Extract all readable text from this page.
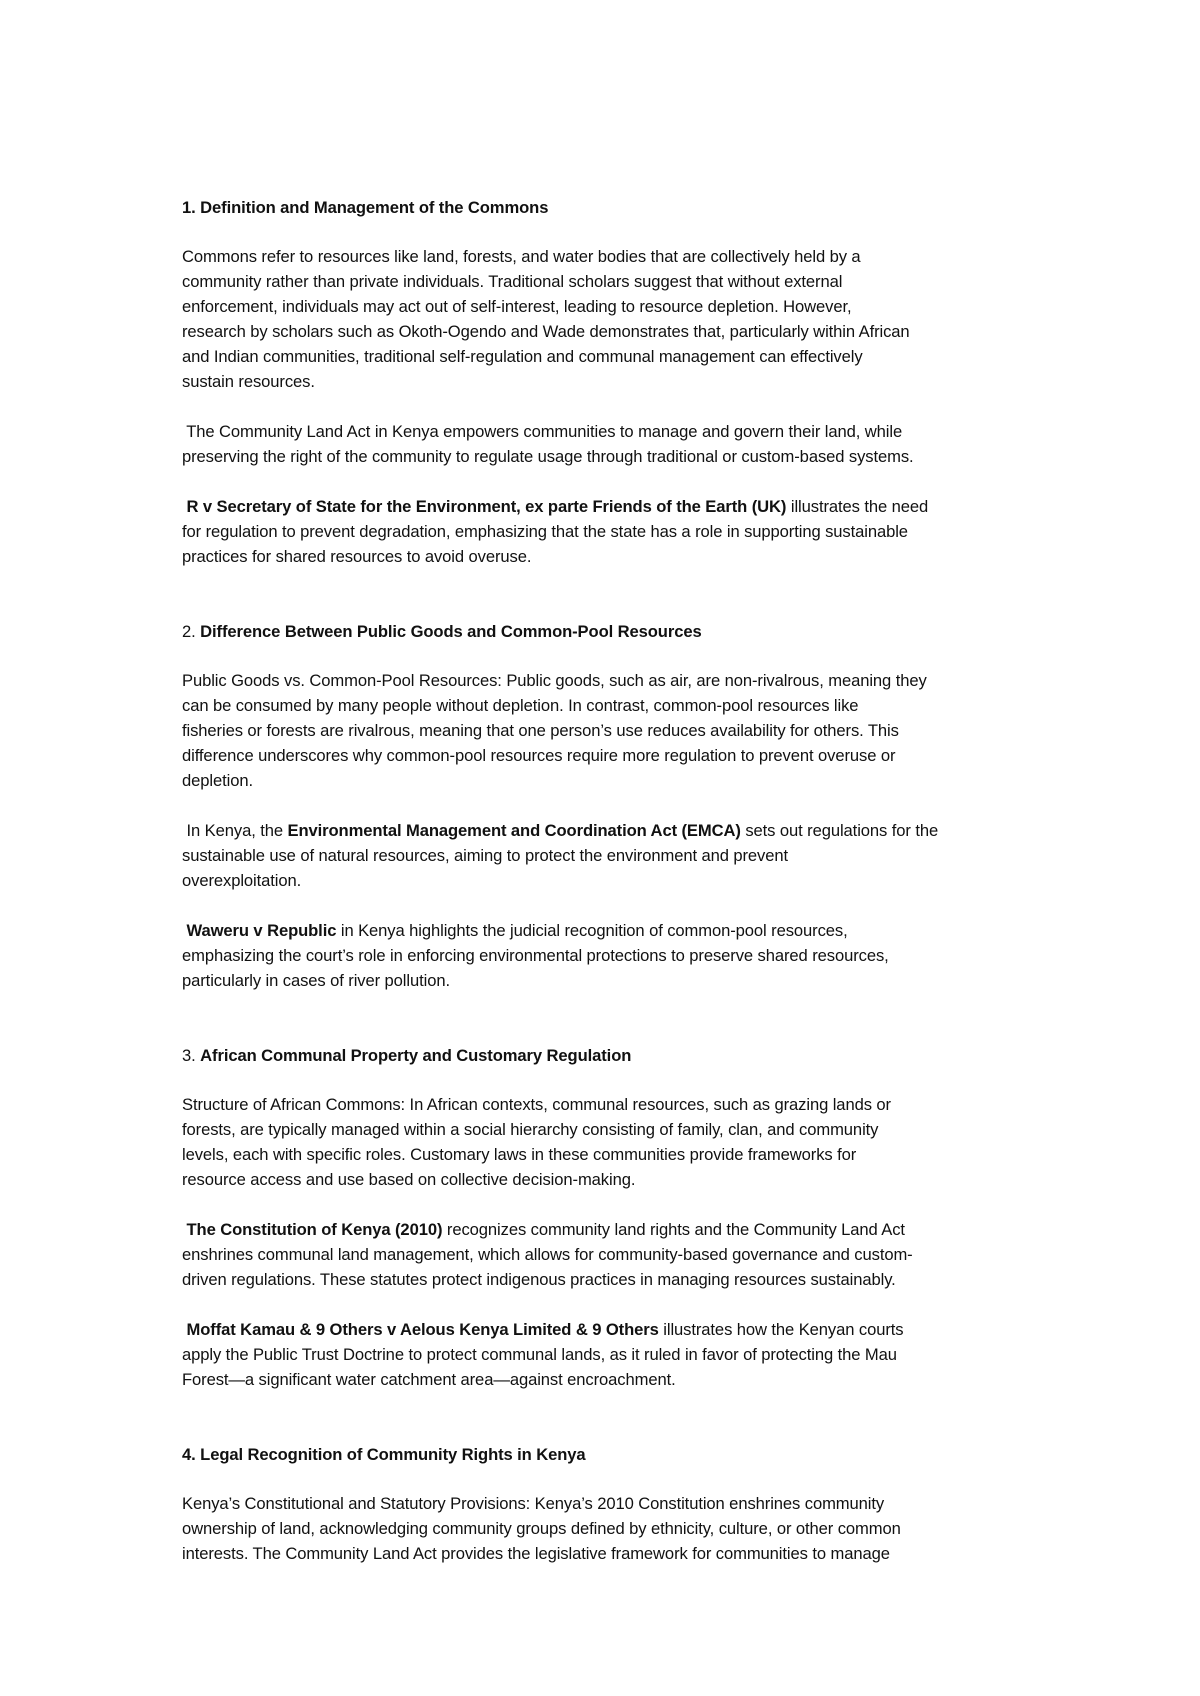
1. Definition and Management of the Commons
Commons refer to resources like land, forests, and water bodies that are collectively held by a
community rather than private individuals. Traditional scholars suggest that without external
enforcement, individuals may act out of self-interest, leading to resource depletion. However,
research by scholars such as Okoth-Ogendo and Wade demonstrates that, particularly within African
and Indian communities, traditional self-regulation and communal management can effectively
sustain resources.
The Community Land Act in Kenya empowers communities to manage and govern their land, while
preserving the right of the community to regulate usage through traditional or custom-based systems.
R v Secretary of State for the Environment, ex parte Friends of the Earth (UK) illustrates the need
for regulation to prevent degradation, emphasizing that the state has a role in supporting sustainable
practices for shared resources to avoid overuse.
2. Difference Between Public Goods and Common-Pool Resources
Public Goods vs. Common-Pool Resources: Public goods, such as air, are non-rivalrous, meaning they
can be consumed by many people without depletion. In contrast, common-pool resources like
fisheries or forests are rivalrous, meaning that one person’s use reduces availability for others. This
difference underscores why common-pool resources require more regulation to prevent overuse or
depletion.
In Kenya, the Environmental Management and Coordination Act (EMCA) sets out regulations for the
sustainable use of natural resources, aiming to protect the environment and prevent
overexploitation.
Waweru v Republic in Kenya highlights the judicial recognition of common-pool resources,
emphasizing the court’s role in enforcing environmental protections to preserve shared resources,
particularly in cases of river pollution.
3. African Communal Property and Customary Regulation
Structure of African Commons: In African contexts, communal resources, such as grazing lands or
forests, are typically managed within a social hierarchy consisting of family, clan, and community
levels, each with specific roles. Customary laws in these communities provide frameworks for
resource access and use based on collective decision-making.
The Constitution of Kenya (2010) recognizes community land rights and the Community Land Act
enshrines communal land management, which allows for community-based governance and custom-
driven regulations. These statutes protect indigenous practices in managing resources sustainably.
Moffat Kamau & 9 Others v Aelous Kenya Limited & 9 Others illustrates how the Kenyan courts
apply the Public Trust Doctrine to protect communal lands, as it ruled in favor of protecting the Mau
Forest—a significant water catchment area—against encroachment.
4. Legal Recognition of Community Rights in Kenya
Kenya’s Constitutional and Statutory Provisions: Kenya’s 2010 Constitution enshrines community
ownership of land, acknowledging community groups defined by ethnicity, culture, or other common
interests. The Community Land Act provides the legislative framework for communities to manage
